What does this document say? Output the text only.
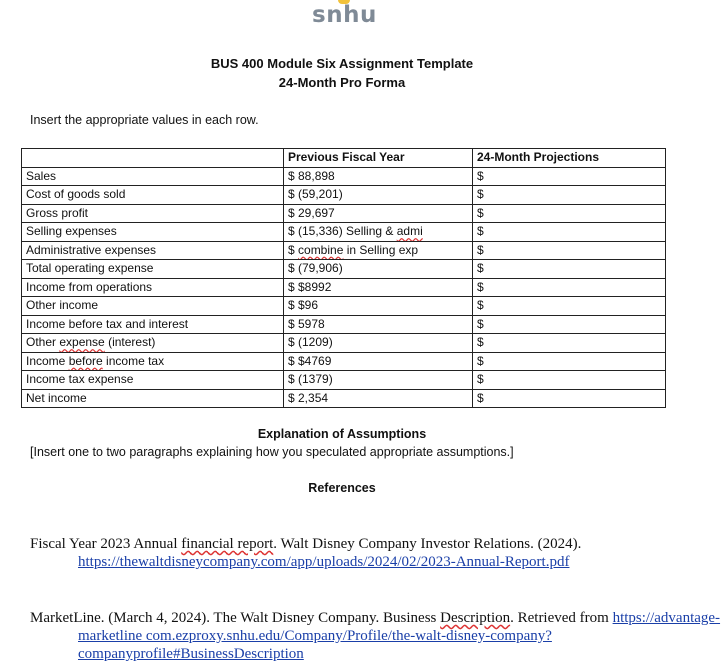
snhu
BUS 400 Module Six Assignment Template
24-Month Pro Forma
Insert the appropriate values in each row.
	Previous Fiscal Year	24-Month Projections
Sales	$ 88,898	$
Cost of goods sold	$ (59,201)	$
Gross profit	$ 29,697	$
Selling expenses	$ (15,336) Selling & admi	$
Administrative expenses	$ combine in Selling exp	$
Total operating expense	$ (79,906)	$
Income from operations	$ $8992	$
Other income	$ $96	$
Income before tax and interest	$ 5978	$
Other expense (interest)	$ (1209)	$
Income before income tax	$ $4769	$
Income tax expense	$ (1379)	$
Net income	$ 2,354	$
Explanation of Assumptions
[Insert one to two paragraphs explaining how you speculated appropriate assumptions.]
References
Fiscal Year 2023 Annual financial report. Walt Disney Company Investor Relations. (2024). https://thewaltdisneycompany.com/app/uploads/2024/02/2023-Annual-Report.pdf
MarketLine. (March 4, 2024). The Walt Disney Company. Business Description. Retrieved from https://advantage-marketline com.ezproxy.snhu.edu/Company/Profile/the-walt-disney-company?companyprofile#BusinessDescription
